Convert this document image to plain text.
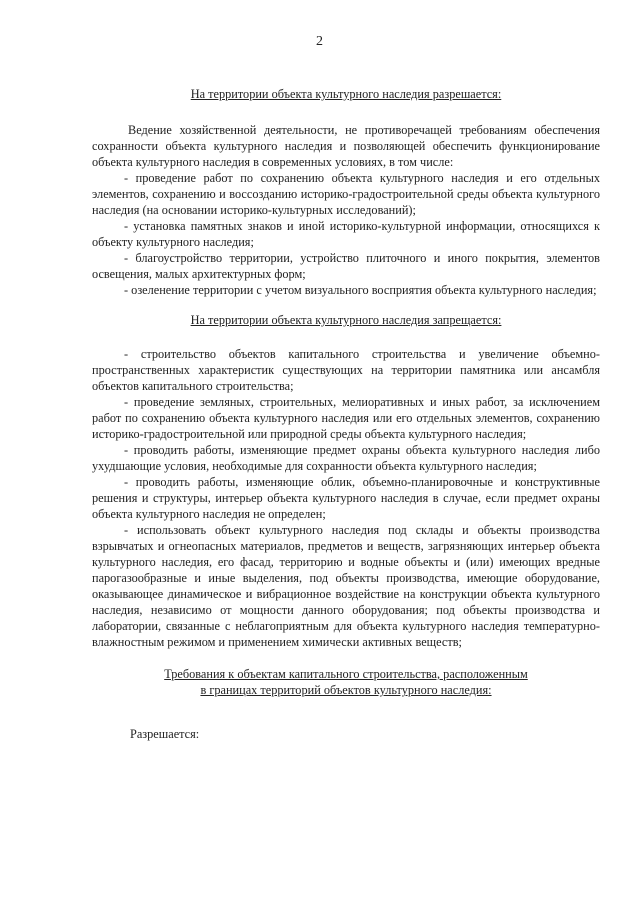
2
На территории объекта культурного наследия разрешается:

Ведение хозяйственной деятельности, не противоречащей требованиям обеспечения сохранности объекта культурного наследия и позволяющей обеспечить функционирование объекта культурного наследия в современных условиях, в том числе:

- проведение работ по сохранению объекта культурного наследия и его отдельных элементов, сохранению и воссозданию историко-градостроительной среды объекта культурного наследия (на основании историко-культурных исследований);

- установка памятных знаков и иной историко-культурной информации, относящихся к объекту культурного наследия;

- благоустройство территории, устройство плиточного и иного покрытия, элементов освещения, малых архитектурных форм;

- озеленение территории с учетом визуального восприятия объекта культурного наследия;

На территории объекта культурного наследия запрещается:

- строительство объектов капитального строительства и увеличение объемно-пространственных характеристик существующих на территории памятника или ансамбля объектов капитального строительства;

- проведение земляных, строительных, мелиоративных и иных работ, за исключением работ по сохранению объекта культурного наследия или его отдельных элементов, сохранению историко-градостроительной или природной среды объекта культурного наследия;

- проводить работы, изменяющие предмет охраны объекта культурного наследия либо ухудшающие условия, необходимые для сохранности объекта культурного наследия;

- проводить работы, изменяющие облик, объемно-планировочные и конструктивные решения и структуры, интерьер объекта культурного наследия в случае, если предмет охраны объекта культурного наследия не определен;

- использовать объект культурного наследия под склады и объекты производства взрывчатых и огнеопасных материалов, предметов и веществ, загрязняющих интерьер объекта культурного наследия, его фасад, территорию и водные объекты и (или) имеющих вредные парогазообразные и иные выделения, под объекты производства, имеющие оборудование, оказывающее динамическое и вибрационное воздействие на конструкции объекта культурного наследия, независимо от мощности данного оборудования; под объекты производства и лаборатории, связанные с неблагоприятным для объекта культурного наследия температурно-влажностным режимом и применением химически активных веществ;

Требования к объектам капитального строительства, расположенным
в границах территорий объектов культурного наследия:

Разрешается:
